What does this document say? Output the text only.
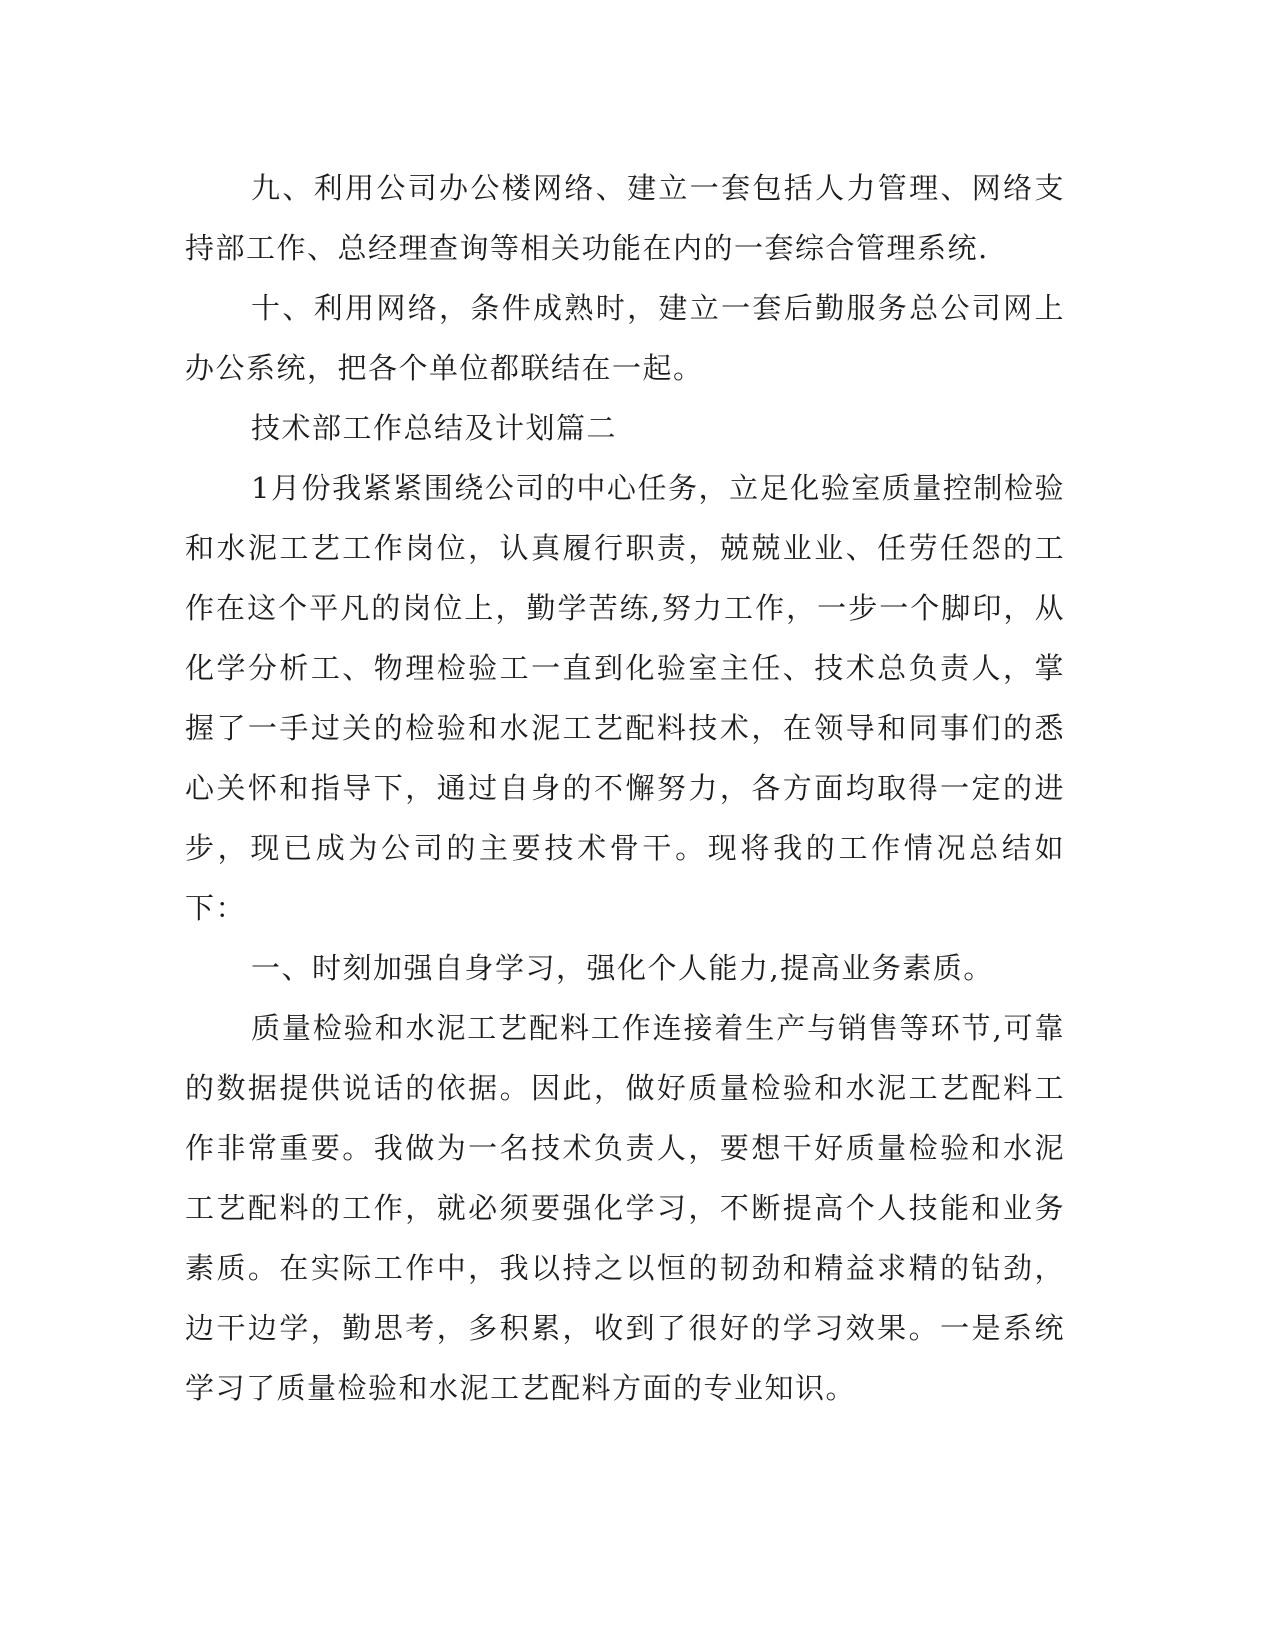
九、利用公司办公楼网络、建立一套包括人力管理、网络支持部工作、总经理查询等相关功能在内的一套综合管理系统.

十、利用网络，条件成熟时，建立一套后勤服务总公司网上办公系统，把各个单位都联结在一起。

技术部工作总结及计划篇二

1月份我紧紧围绕公司的中心任务，立足化验室质量控制检验和水泥工艺工作岗位，认真履行职责，兢兢业业、任劳任怨的工作在这个平凡的岗位上，勤学苦练,努力工作，一步一个脚印，从化学分析工、物理检验工一直到化验室主任、技术总负责人，掌握了一手过关的检验和水泥工艺配料技术，在领导和同事们的悉心关怀和指导下，通过自身的不懈努力，各方面均取得一定的进步，现已成为公司的主要技术骨干。现将我的工作情况总结如下：

一、时刻加强自身学习，强化个人能力,提高业务素质。

质量检验和水泥工艺配料工作连接着生产与销售等环节,可靠的数据提供说话的依据。因此，做好质量检验和水泥工艺配料工作非常重要。我做为一名技术负责人，要想干好质量检验和水泥工艺配料的工作，就必须要强化学习，不断提高个人技能和业务素质。在实际工作中，我以持之以恒的韧劲和精益求精的钻劲，边干边学，勤思考，多积累，收到了很好的学习效果。一是系统学习了质量检验和水泥工艺配料方面的专业知识。
